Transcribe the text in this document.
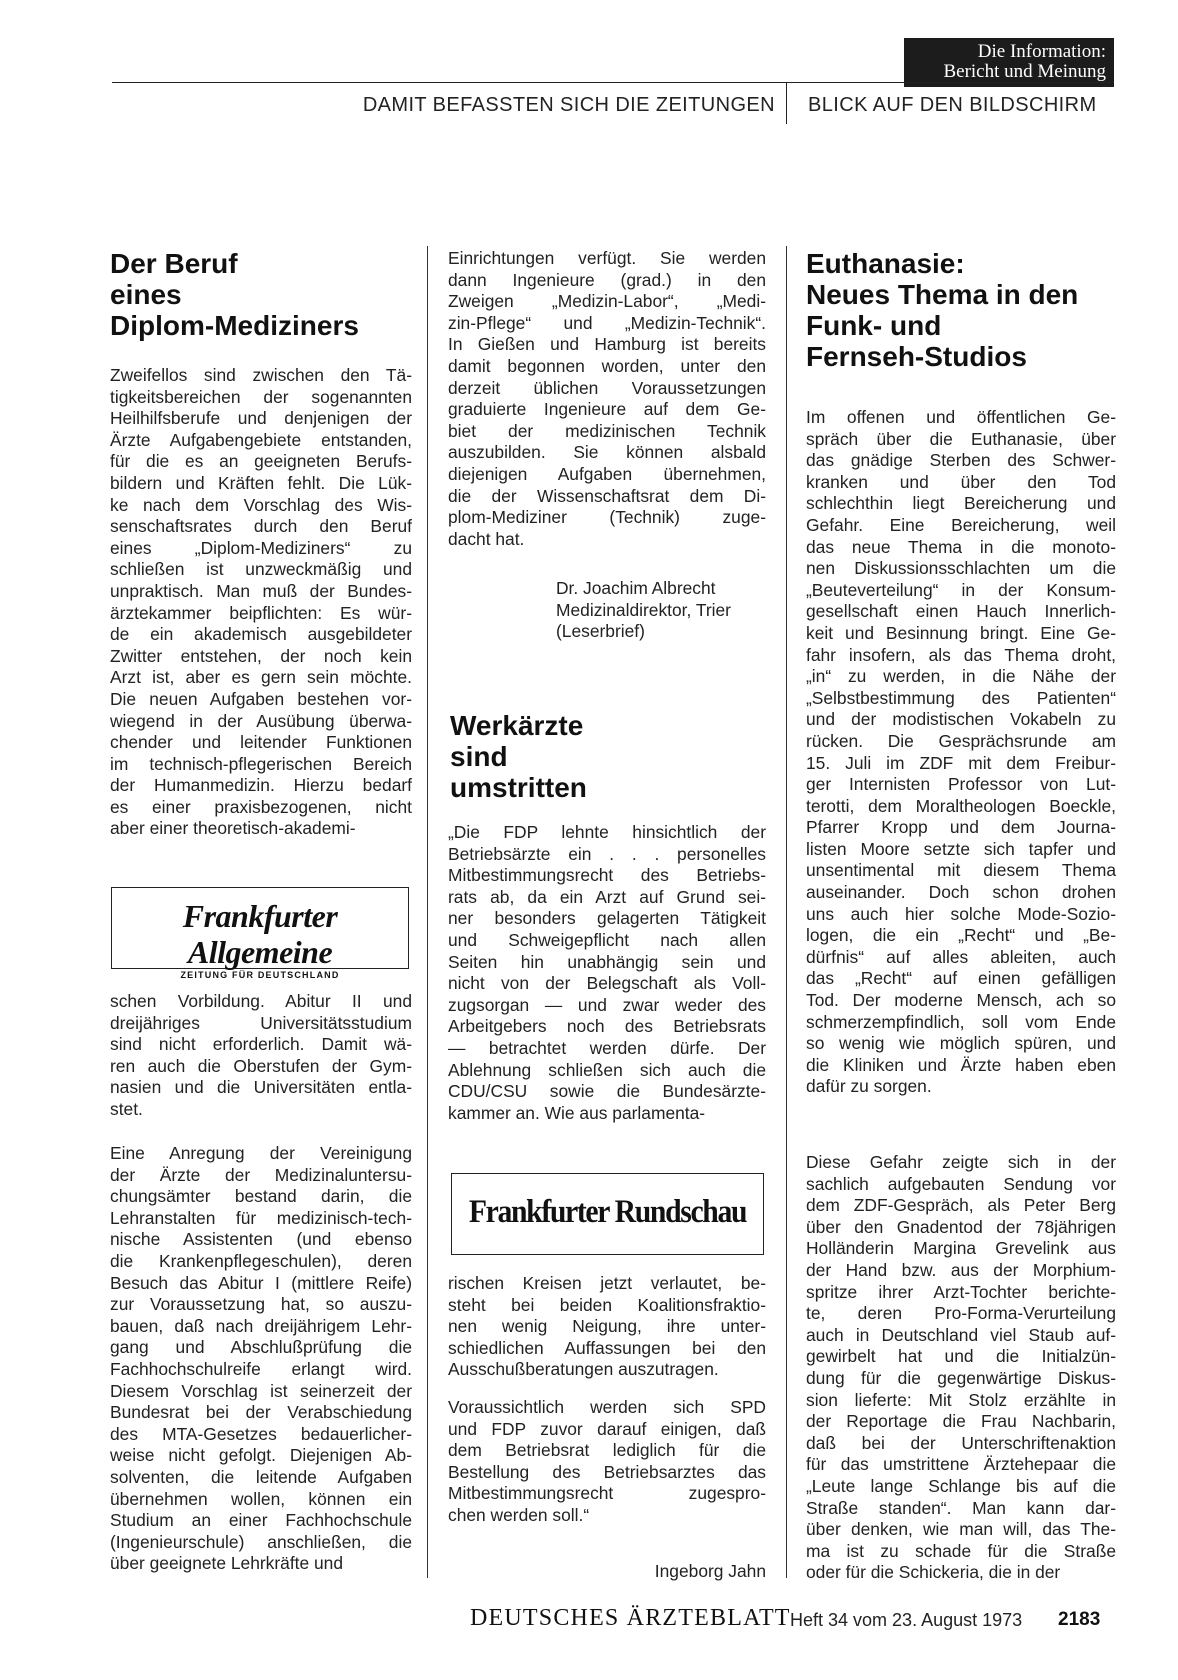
Die Information:
Bericht und Meinung
DAMIT BEFASSTEN SICH DIE ZEITUNGEN BLICK AUF DEN BILDSCHIRM
Der Beruf
eines
Diplom-Mediziners
Zweifellos sind zwischen den Tä-
tigkeitsbereichen der sogenannten
Heilhilfsberufe und denjenigen der
Ärzte Aufgabengebiete entstanden,
für die es an geeigneten Berufs-
bildern und Kräften fehlt. Die Lük-
ke nach dem Vorschlag des Wis-
senschaftsrates durch den Beruf
eines „Diplom-Mediziners“ zu
schließen ist unzweckmäßig und
unpraktisch. Man muß der Bundes-
ärztekammer beipflichten: Es wür-
de ein akademisch ausgebildeter
Zwitter entstehen, der noch kein
Arzt ist, aber es gern sein möchte.
Die neuen Aufgaben bestehen vor-
wiegend in der Ausübung überwa-
chender und leitender Funktionen
im technisch-pflegerischen Bereich
der Humanmedizin. Hierzu bedarf
es einer praxisbezogenen, nicht
aber einer theoretisch-akademi-
Frankfurter Allgemeine
ZEITUNG FÜR DEUTSCHLAND
schen Vorbildung. Abitur II und
dreijähriges Universitätsstudium
sind nicht erforderlich. Damit wä-
ren auch die Oberstufen der Gym-
nasien und die Universitäten entla-
stet.
Eine Anregung der Vereinigung
der Ärzte der Medizinaluntersu-
chungsämter bestand darin, die
Lehranstalten für medizinisch-tech-
nische Assistenten (und ebenso
die Krankenpflegeschulen), deren
Besuch das Abitur I (mittlere Reife)
zur Voraussetzung hat, so auszu-
bauen, daß nach dreijährigem Lehr-
gang und Abschlußprüfung die
Fachhochschulreife erlangt wird.
Diesem Vorschlag ist seinerzeit der
Bundesrat bei der Verabschiedung
des MTA-Gesetzes bedauerlicher-
weise nicht gefolgt. Diejenigen Ab-
solventen, die leitende Aufgaben
übernehmen wollen, können ein
Studium an einer Fachhochschule
(Ingenieurschule) anschließen, die
über geeignete Lehrkräfte und
Einrichtungen verfügt. Sie werden
dann Ingenieure (grad.) in den
Zweigen „Medizin-Labor“, „Medi-
zin-Pflege“ und „Medizin-Technik“.
In Gießen und Hamburg ist bereits
damit begonnen worden, unter den
derzeit üblichen Voraussetzungen
graduierte Ingenieure auf dem Ge-
biet der medizinischen Technik
auszubilden. Sie können alsbald
diejenigen Aufgaben übernehmen,
die der Wissenschaftsrat dem Di-
plom-Mediziner (Technik) zuge-
dacht hat.
Dr. Joachim Albrecht
Medizinaldirektor, Trier
(Leserbrief)
Werkärzte
sind
umstritten
„Die FDP lehnte hinsichtlich der
Betriebsärzte ein . . . personelles
Mitbestimmungsrecht des Betriebs-
rats ab, da ein Arzt auf Grund sei-
ner besonders gelagerten Tätigkeit
und Schweigepflicht nach allen
Seiten hin unabhängig sein und
nicht von der Belegschaft als Voll-
zugsorgan — und zwar weder des
Arbeitgebers noch des Betriebsrats
— betrachtet werden dürfe. Der
Ablehnung schließen sich auch die
CDU/CSU sowie die Bundesärzte-
kammer an. Wie aus parlamenta-
Frankfurter Rundschau
rischen Kreisen jetzt verlautet, be-
steht bei beiden Koalitionsfraktio-
nen wenig Neigung, ihre unter-
schiedlichen Auffassungen bei den
Ausschußberatungen auszutragen.
Voraussichtlich werden sich SPD
und FDP zuvor darauf einigen, daß
dem Betriebsrat lediglich für die
Bestellung des Betriebsarztes das
Mitbestimmungsrecht zugespro-
chen werden soll.“
Ingeborg Jahn
Euthanasie:
Neues Thema in den
Funk- und
Fernseh-Studios
Im offenen und öffentlichen Ge-
spräch über die Euthanasie, über
das gnädige Sterben des Schwer-
kranken und über den Tod
schlechthin liegt Bereicherung und
Gefahr. Eine Bereicherung, weil
das neue Thema in die monoto-
nen Diskussionsschlachten um die
„Beuteverteilung“ in der Konsum-
gesellschaft einen Hauch Innerlich-
keit und Besinnung bringt. Eine Ge-
fahr insofern, als das Thema droht,
„in“ zu werden, in die Nähe der
„Selbstbestimmung des Patienten“
und der modistischen Vokabeln zu
rücken. Die Gesprächsrunde am
15. Juli im ZDF mit dem Freibur-
ger Internisten Professor von Lut-
terotti, dem Moraltheologen Boeckle,
Pfarrer Kropp und dem Journa-
listen Moore setzte sich tapfer und
unsentimental mit diesem Thema
auseinander. Doch schon drohen
uns auch hier solche Mode-Sozio-
logen, die ein „Recht“ und „Be-
dürfnis“ auf alles ableiten, auch
das „Recht“ auf einen gefälligen
Tod. Der moderne Mensch, ach so
schmerzempfindlich, soll vom Ende
so wenig wie möglich spüren, und
die Kliniken und Ärzte haben eben
dafür zu sorgen.
Diese Gefahr zeigte sich in der
sachlich aufgebauten Sendung vor
dem ZDF-Gespräch, als Peter Berg
über den Gnadentod der 78jährigen
Holländerin Margina Grevelink aus
der Hand bzw. aus der Morphium-
spritze ihrer Arzt-Tochter berichte-
te, deren Pro-Forma-Verurteilung
auch in Deutschland viel Staub auf-
gewirbelt hat und die Initialzün-
dung für die gegenwärtige Diskus-
sion lieferte: Mit Stolz erzählte in
der Reportage die Frau Nachbarin,
daß bei der Unterschriftenaktion
für das umstrittene Ärztehepaar die
„Leute lange Schlange bis auf die
Straße standen“. Man kann dar-
über denken, wie man will, das The-
ma ist zu schade für die Straße
oder für die Schickeria, die in der
DEUTSCHES ÄRZTEBLATT Heft 34 vom 23. August 1973 2183
